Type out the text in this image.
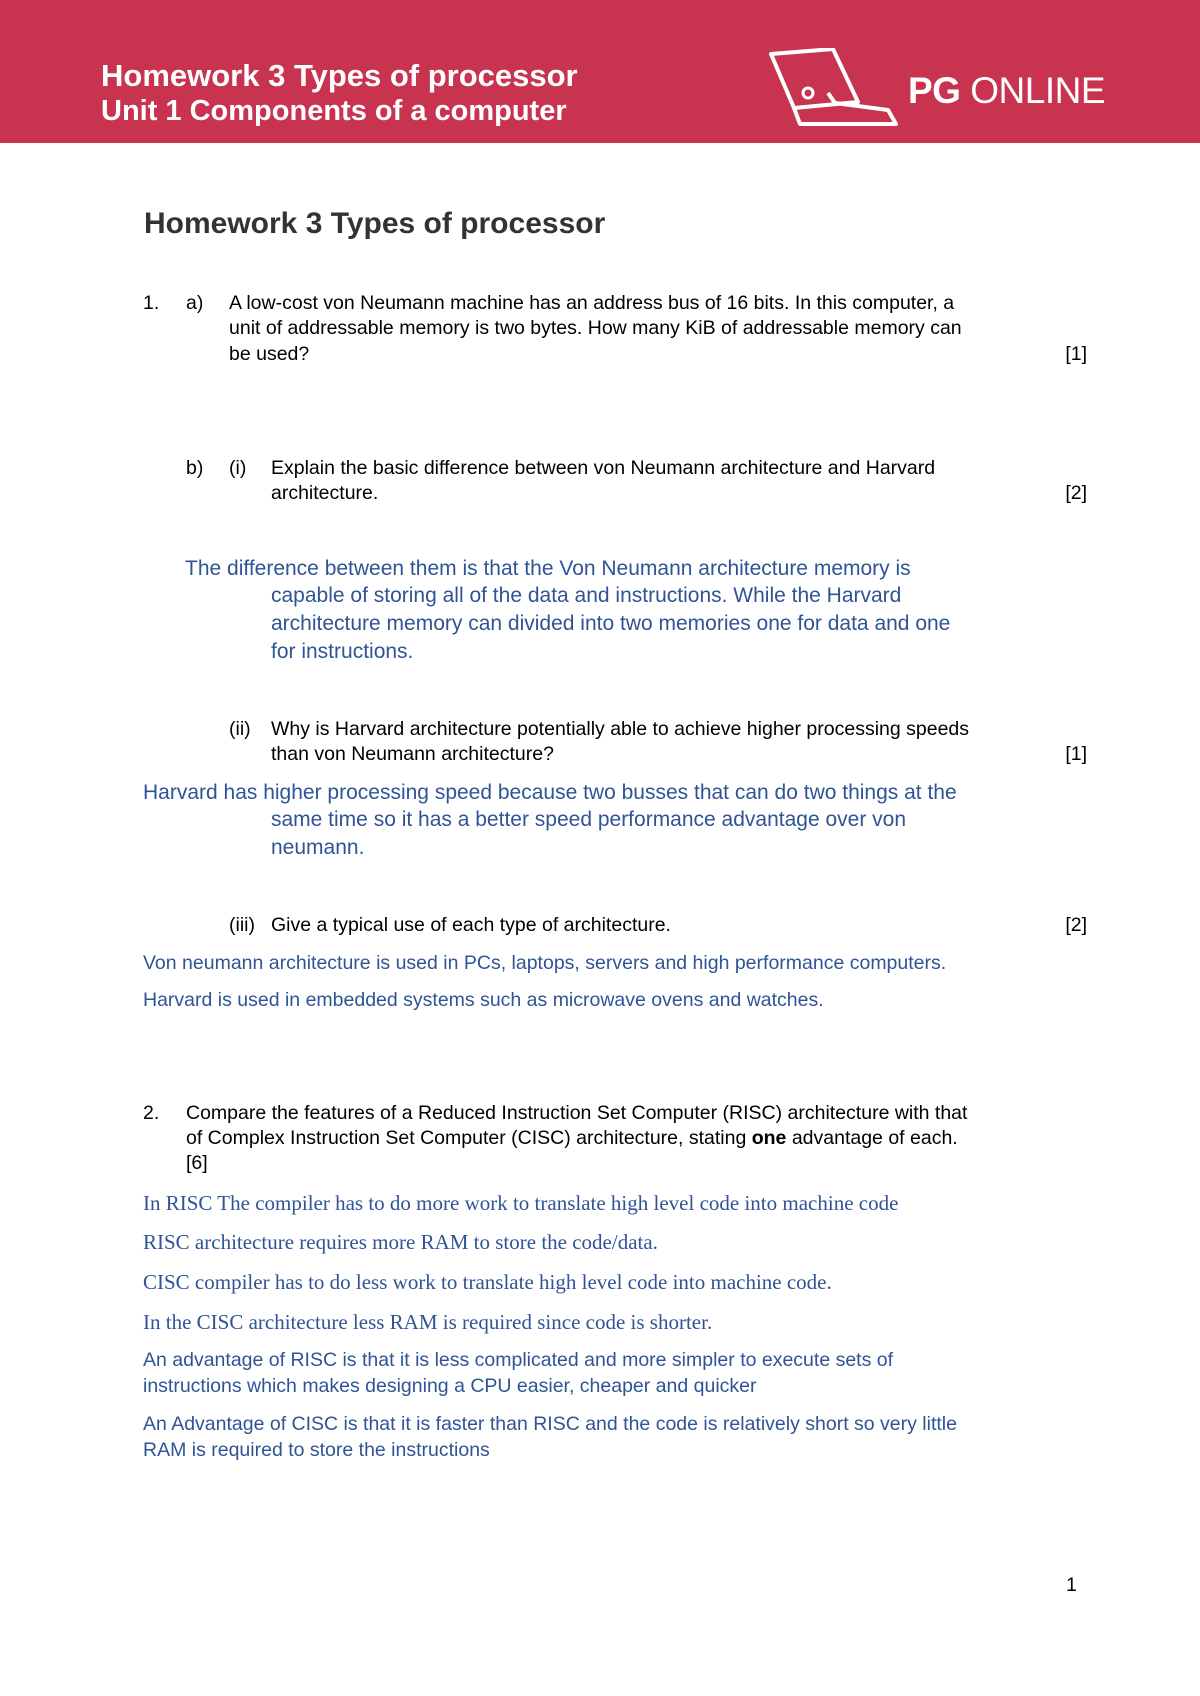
Homework 3 Types of processor
Unit 1 Components of a computer	PG ONLINE
Homework 3 Types of processor
1. a) A low-cost von Neumann machine has an address bus of 16 bits. In this computer, a
unit of addressable memory is two bytes. How many KiB of addressable memory can
be used?	[1]
b) (i) Explain the basic difference between von Neumann architecture and Harvard
architecture.	[2]
The difference between them is that the Von Neumann architecture memory is
capable of storing all of the data and instructions. While the Harvard
architecture memory can divided into two memories one for data and one
for instructions.
(ii) Why is Harvard architecture potentially able to achieve higher processing speeds
than von Neumann architecture?	[1]
Harvard has higher processing speed because two busses that can do two things at the
same time so it has a better speed performance advantage over von
neumann.
(iii) Give a typical use of each type of architecture.	[2]
Von neumann architecture is used in PCs, laptops, servers and high performance computers.
Harvard is used in embedded systems such as microwave ovens and watches.
2. Compare the features of a Reduced Instruction Set Computer (RISC) architecture with that
of Complex Instruction Set Computer (CISC) architecture, stating one advantage of each.
[6]
In RISC The compiler has to do more work to translate high level code into machine code
RISC architecture requires more RAM to store the code/data.
CISC compiler has to do less work to translate high level code into machine code.
In the CISC architecture less RAM is required since code is shorter.
An advantage of RISC is that it is less complicated and more simpler to execute sets of
instructions which makes designing a CPU easier, cheaper and quicker
An Advantage of CISC is that it is faster than RISC and the code is relatively short so very little
RAM is required to store the instructions
1
